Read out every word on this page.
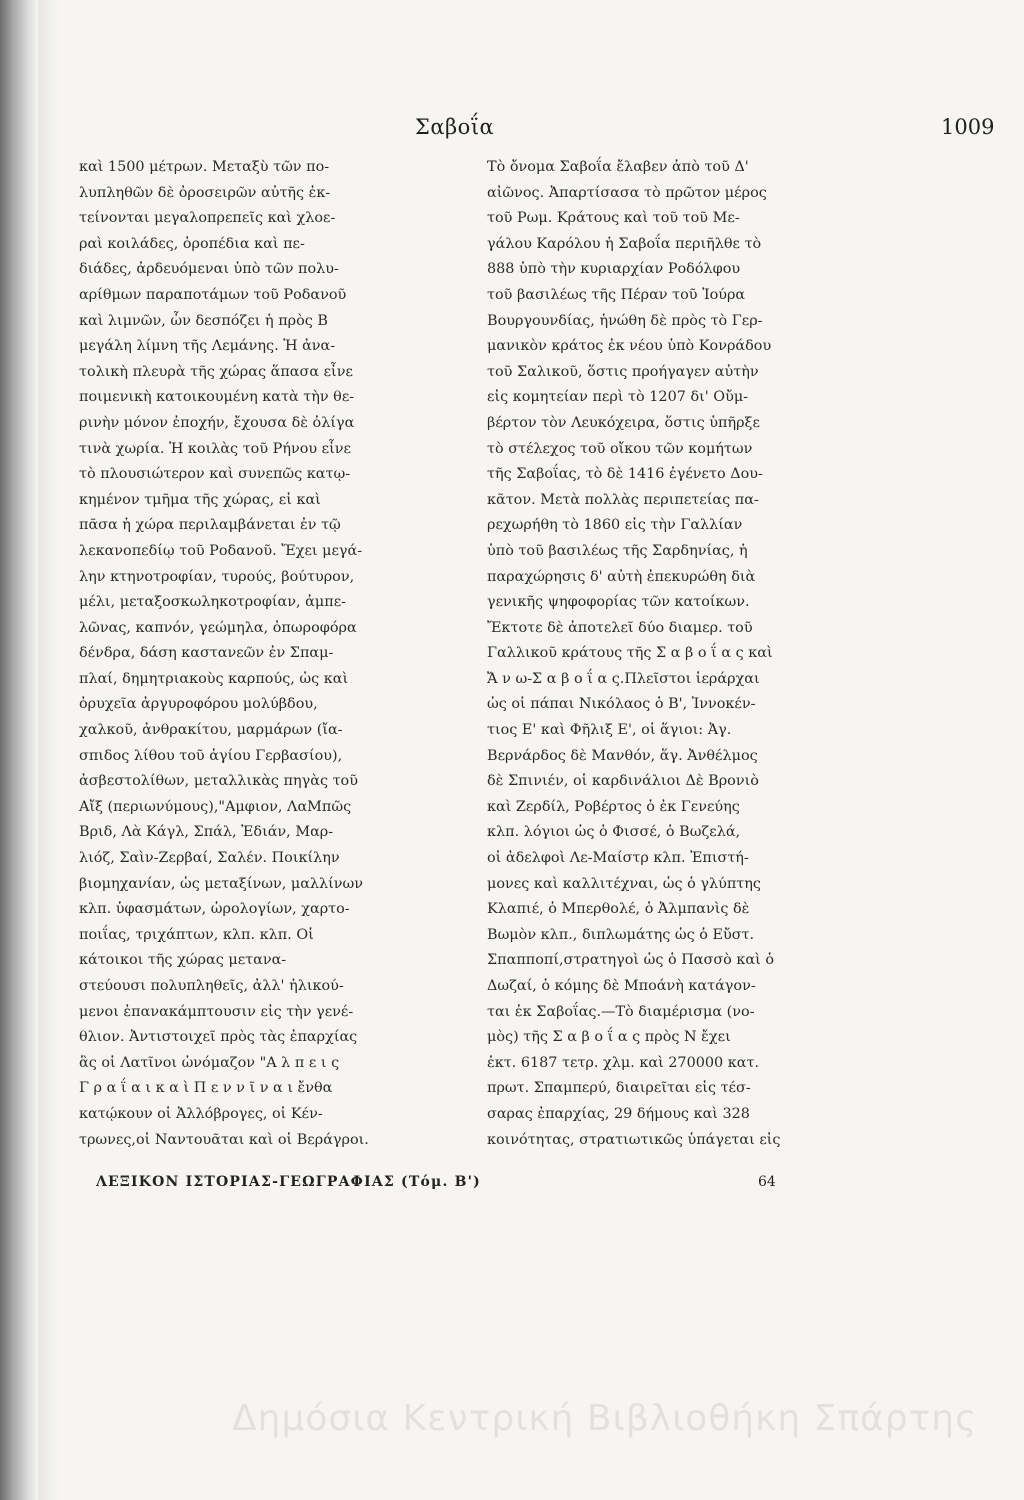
Σαβοΐα	1009
καὶ 1500 μέτρων. Μεταξὺ τῶν πο-
λυπληθῶν δὲ ὀροσειρῶν αὐτῆς ἐκ-
τείνονται μεγαλοπρεπεῖς καὶ χλοε-
ραὶ κοιλάδες, ὀροπέδια καὶ πε-
διάδες, ἀρδευόμεναι ὑπὸ τῶν πολυ-
αρίθμων παραποτάμων τοῦ Ροδανοῦ
καὶ λιμνῶν, ὧν δεσπόζει ἡ πρὸς Β
μεγάλη λίμνη τῆς Λεμάνης. Ἡ ἀνα-
τολικὴ πλευρὰ τῆς χώρας ἅπασα εἶνε
ποιμενικὴ κατοικουμένη κατὰ τὴν θε-
ρινὴν μόνον ἐποχήν, ἔχουσα δὲ ὀλίγα
τινὰ χωρία. Ἡ κοιλὰς τοῦ Ρήνου εἶνε
τὸ πλουσιώτερον καὶ συνεπῶς κατῳ-
κημένον τμῆμα τῆς χώρας, εἰ καὶ
πᾶσα ἡ χώρα περιλαμβάνεται ἐν τῷ
λεκανοπεδίῳ τοῦ Ροδανοῦ. Ἔχει μεγά-
λην κτηνοτροφίαν, τυρούς, βούτυρον,
μέλι, μεταξοσκωληκοτροφίαν, ἀμπε-
λῶνας, καπνόν, γεώμηλα, ὀπωροφόρα
δένδρα, δάση καστανεῶν ἐν Σπαμ-
πλαί, δημητριακοὺς καρπούς, ὡς καὶ
ὀρυχεῖα ἀργυροφόρου μολύβδου,
χαλκοῦ, ἀνθρακίτου, μαρμάρων (ἴα-
σπιδος λίθου τοῦ ἁγίου Γερβασίου),
ἀσβεστολίθων, μεταλλικὰς πηγὰς τοῦ
Αἴξ (περιωνύμους),"Αμφιον, ΛαΜπῶς
Βριδ, Λὰ Κάγλ, Σπάλ, Ἐδιάν, Μαρ-
λιόζ, Σαὶν-Ζερβαί, Σαλέν. Ποικίλην
βιομηχανίαν, ὡς μεταξίνων, μαλλίνων
κλπ. ὑφασμάτων, ὡρολογίων, χαρτο-
ποιΐας, τριχάπτων, κλπ. κλπ. Οἱ
κάτοικοι τῆς χώρας μετανα-
στεύουσι πολυπληθεῖς, ἀλλ' ἠλικού-
μενοι ἐπανακάμπτουσιν εἰς τὴν γενέ-
θλιον. Ἀντιστοιχεῖ πρὸς τὰς ἐπαρχίας
ἃς οἱ Λατῖνοι ὠνόμαζον "Α λ π ε ι ς
Γ ρ α ΐ α ι κ α ὶ Π ε ν ν ῖ ν α ι ἔνθα
κατῴκουν οἱ Ἀλλόβρογες, οἱ Κέν-
τρωνες,οἱ Ναντουᾶται καὶ οἱ Βεράγροι.
Τὸ ὄνομα Σαβοΐα ἔλαβεν ἀπὸ τοῦ Δ'
αἰῶνος. Ἀπαρτίσασα τὸ πρῶτον μέρος
τοῦ Ρωμ. Κράτους καὶ τοῦ τοῦ Με-
γάλου Καρόλου ἡ Σαβοΐα περιῆλθε τὸ
888 ὑπὸ τὴν κυριαρχίαν Ροδόλφου
τοῦ βασιλέως τῆς Πέραν τοῦ Ἰούρα
Βουργουνδίας, ἡνώθη δὲ πρὸς τὸ Γερ-
μανικὸν κράτος ἐκ νέου ὑπὸ Κονράδου
τοῦ Σαλικοῦ, ὅστις προήγαγεν αὐτὴν
εἰς κομητείαν περὶ τὸ 1207 δι' Οὔμ-
βέρτον τὸν Λευκόχειρα, ὅστις ὑπῆρξε
τὸ στέλεχος τοῦ οἴκου τῶν κομήτων
τῆς Σαβοΐας, τὸ δὲ 1416 ἐγένετο Δου-
κᾶτον. Μετὰ πολλὰς περιπετείας πα-
ρεχωρήθη τὸ 1860 εἰς τὴν Γαλλίαν
ὑπὸ τοῦ βασιλέως τῆς Σαρδηνίας, ἡ
παραχώρησις δ' αὐτὴ ἐπεκυρώθη διὰ
γενικῆς ψηφοφορίας τῶν κατοίκων.
Ἔκτοτε δὲ ἀποτελεῖ δύο διαμερ. τοῦ
Γαλλικοῦ κράτους τῆς Σ α β ο ΐ α ς καὶ
Ἄ ν ω-Σ α β ο ΐ α ς.Πλεῖστοι ἱεράρχαι
ὡς οἱ πάπαι Νικόλαος ὁ Β', Ἰννοκέν-
τιος Ε' καὶ Φῆλιξ Ε', οἱ ἅγιοι: Ἀγ.
Βερνάρδος δὲ Μανθόν, ἅγ. Ἀνθέλμος
δὲ Σπινιέν, οἱ καρδινάλιοι Δὲ Βρονιὸ
καὶ Ζερδίλ, Ροβέρτος ὁ ἐκ Γενεύης
κλπ. λόγιοι ὡς ὁ Φισσέ, ὁ Βωζελά,
οἱ ἀδελφοὶ Λε-Μαίστρ κλπ. Ἐπιστή-
μονες καὶ καλλιτέχναι, ὡς ὁ γλύπτης
Κλαπιέ, ὁ Μπερθολέ, ὁ Ἀλμπανὶς δὲ
Βωμὸν κλπ., διπλωμάτης ὡς ὁ Εὔστ.
Σπαπποπί,στρατηγοὶ ὡς ὁ Πασσὸ καὶ ὁ
Δωζαί, ὁ κόμης δὲ Μποάνὴ κατάγον-
ται ἐκ Σαβοΐας.—Τὸ διαμέρισμα (νο-
μὸς) τῆς Σ α β ο ΐ α ς πρὸς Ν ἔχει
ἐκτ. 6187 τετρ. χλμ. καὶ 270000 κατ.
πρωτ. Σπαμπερύ, διαιρεῖται εἰς τέσ-
σαρας ἐπαρχίας, 29 δήμους καὶ 328
κοινότητας, στρατιωτικῶς ὑπάγεται εἰς
ΛΕΞΙΚΟΝ ΙΣΤΟΡΙΑΣ-ΓΕΩΓΡΑΦΙΑΣ (Τόμ. Β')	64
Δημόσια Κεντρική Βιβλιοθήκη Σπάρτης
